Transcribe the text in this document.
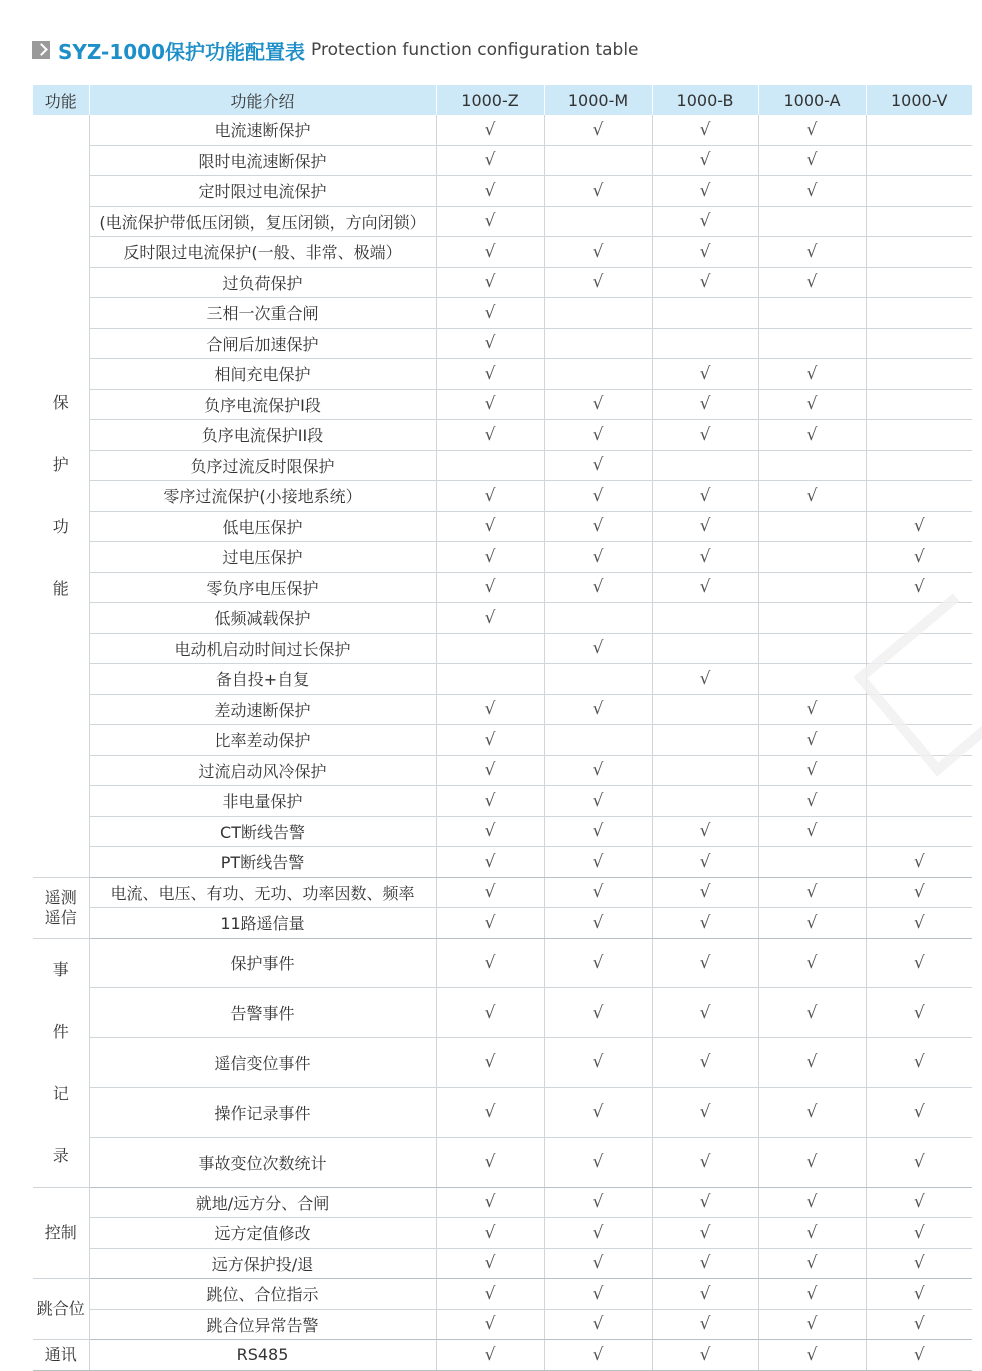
SYZ-1000保护功能配置表 Protection function configuration table
功能	功能介绍	1000-Z	1000-M	1000-B	1000-A	1000-V
保
护
功
能	电流速断保护	√	√	√	√	
	限时电流速断保护	√		√	√	
	定时限过电流保护	√	√	√	√	
	(电流保护带低压闭锁，复压闭锁，方向闭锁）	√		√		
	反时限过电流保护(一般、非常、极端）	√	√	√	√	
	过负荷保护	√	√	√	√	
	三相一次重合闸	√				
	合闸后加速保护	√				
	相间充电保护	√		√	√	
	负序电流保护I段	√	√	√	√	
	负序电流保护II段	√	√	√	√	
	负序过流反时限保护		√			
	零序过流保护(小接地系统）	√	√	√	√	
	低电压保护	√	√	√		√
	过电压保护	√	√	√		√
	零负序电压保护	√	√	√		√
	低频减载保护	√				
	电动机启动时间过长保护		√			
	备自投+自复			√		
	差动速断保护	√	√		√	
	比率差动保护	√			√	
	过流启动风冷保护	√	√		√	
	非电量保护	√	√		√	
	CT断线告警	√	√	√	√	
	PT断线告警	√	√	√		√
遥测
遥信	电流、电压、有功、无功、功率因数、频率	√	√	√	√	√
	11路遥信量	√	√	√	√	√
事
件
记
录	保护事件	√	√	√	√	√
	告警事件	√	√	√	√	√
	遥信变位事件	√	√	√	√	√
	操作记录事件	√	√	√	√	√
	事故变位次数统计	√	√	√	√	√
控制	就地/远方分、合闸	√	√	√	√	√
	远方定值修改	√	√	√	√	√
	远方保护投/退	√	√	√	√	√
跳合位	跳位、合位指示	√	√	√	√	√
	跳合位异常告警	√	√	√	√	√
通讯	RS485	√	√	√	√	√
